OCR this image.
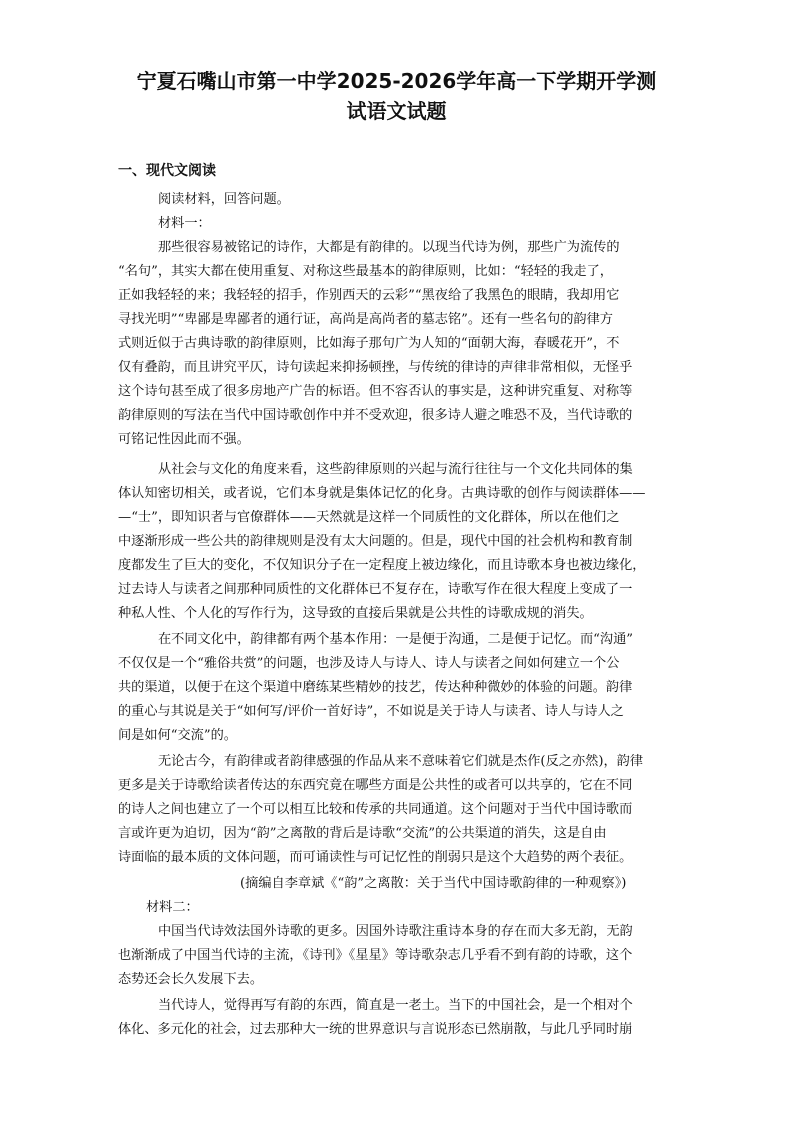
宁夏石嘴山市第一中学2025-2026学年高一下学期开学测
试语文试题
一、现代文阅读
阅读材料，回答问题。
材料一：
那些很容易被铭记的诗作，大都是有韵律的。以现当代诗为例，那些广为流传的
“名句”，其实大都在使用重复、对称这些最基本的韵律原则，比如：“轻轻的我走了，
正如我轻轻的来；我轻轻的招手，作别西天的云彩”“黑夜给了我黑色的眼睛，我却用它
寻找光明”“卑鄙是卑鄙者的通行证，高尚是高尚者的墓志铭”。还有一些名句的韵律方
式则近似于古典诗歌的韵律原则，比如海子那句广为人知的“面朝大海，春暖花开”，不
仅有叠韵，而且讲究平仄，诗句读起来抑扬顿挫，与传统的律诗的声律非常相似，无怪乎
这个诗句甚至成了很多房地产广告的标语。但不容否认的事实是，这种讲究重复、对称等
韵律原则的写法在当代中国诗歌创作中并不受欢迎，很多诗人避之唯恐不及，当代诗歌的
可铭记性因此而不强。
从社会与文化的角度来看，这些韵律原则的兴起与流行往往与一个文化共同体的集
体认知密切相关，或者说，它们本身就是集体记忆的化身。古典诗歌的创作与阅读群体——
—“士”，即知识者与官僚群体——天然就是这样一个同质性的文化群体，所以在他们之
中逐渐形成一些公共的韵律规则是没有太大问题的。但是，现代中国的社会机构和教育制
度都发生了巨大的变化，不仅知识分子在一定程度上被边缘化，而且诗歌本身也被边缘化，
过去诗人与读者之间那种同质性的文化群体已不复存在，诗歌写作在很大程度上变成了一
种私人性、个人化的写作行为，这导致的直接后果就是公共性的诗歌成规的消失。
在不同文化中，韵律都有两个基本作用：一是便于沟通，二是便于记忆。而“沟通”
不仅仅是一个“雅俗共赏”的问题，也涉及诗人与诗人、诗人与读者之间如何建立一个公
共的渠道，以便于在这个渠道中磨练某些精妙的技艺，传达种种微妙的体验的问题。韵律
的重心与其说是关于“如何写/评价一首好诗”，不如说是关于诗人与读者、诗人与诗人之
间是如何“交流”的。
无论古今，有韵律或者韵律感强的作品从来不意味着它们就是杰作(反之亦然)，韵律
更多是关于诗歌给读者传达的东西究竟在哪些方面是公共性的或者可以共享的，它在不同
的诗人之间也建立了一个可以相互比较和传承的共同通道。这个问题对于当代中国诗歌而
言或许更为迫切，因为“韵”之离散的背后是诗歌“交流”的公共渠道的消失，这是自由
诗面临的最本质的文体问题，而可诵读性与可记忆性的削弱只是这个大趋势的两个表征。
(摘编自李章斌《“韵”之离散：关于当代中国诗歌韵律的一种观察》)
材料二：
中国当代诗效法国外诗歌的更多。因国外诗歌注重诗本身的存在而大多无韵，无韵
也渐渐成了中国当代诗的主流，《诗刊》《星星》等诗歌杂志几乎看不到有韵的诗歌，这个
态势还会长久发展下去。
当代诗人，觉得再写有韵的东西，简直是一老土。当下的中国社会，是一个相对个
体化、多元化的社会，过去那种大一统的世界意识与言说形态已然崩散，与此几乎同时崩
